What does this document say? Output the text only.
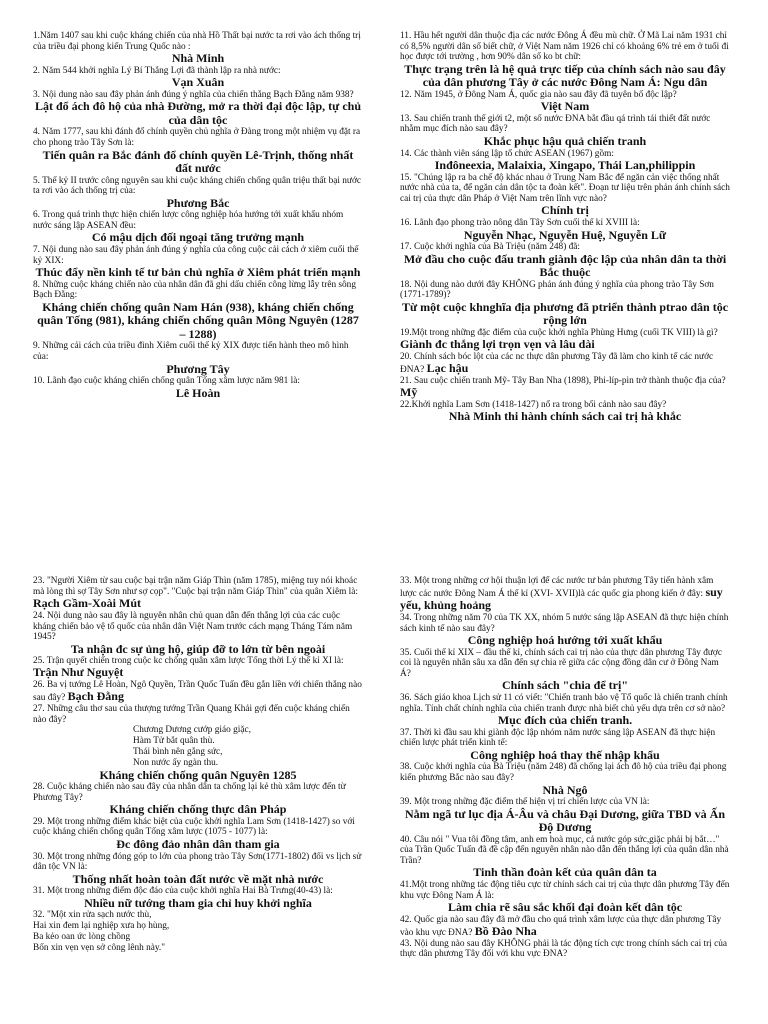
1.Năm 1407 sau khi cuộc kháng chiến của nhà Hồ Thất bại nước ta rơi vào ách thống trị của triều đại phong kiến Trung Quốc nào :

Nhà Minh

2. Năm 544 khởi nghĩa Lý Bí Thắng Lợi đã thành lập ra nhà nước:

Vạn Xuân

3. Nội dung nào sau đây phản ánh đúng ý nghĩa của chiến thắng Bạch Đằng năm 938?

Lật đổ ách đô hộ của nhà Đường, mở ra thời đại độc lập, tự chủ của dân tộc

4. Năm 1777, sau khi đánh đổ chính quyền chủ nghĩa ở Đàng trong một nhiệm vụ đặt ra cho phong trào Tây Sơn là:

Tiến quân ra Bắc đánh đổ chính quyền Lê-Trịnh, thống nhất đất nước

5. Thế kỷ II trước công nguyên sau khi cuộc kháng chiến chống quân triệu thất bại nước ta rơi vào ách thống trị của:

Phương Bắc

6. Trong quá trình thực hiện chiến lược công nghiệp hóa hướng tới xuất khẩu nhóm nước sáng lập ASEAN đều:

Có mậu dịch đối ngoại tăng trưởng mạnh

7. Nội dung nào sau đây phản ánh đúng ý nghĩa của công cuộc cải cách ở xiêm cuối thế kỷ XIX:

Thúc đẩy nền kinh tế tư bản chủ nghĩa ở Xiêm phát triển mạnh

8. Những cuộc kháng chiến nào của nhân dân đã ghi dấu chiến công lừng lẫy trên sông Bạch Đằng:

Kháng chiến chống quân Nam Hán (938), kháng chiến chống quân Tống (981), kháng chiến chống quân Mông Nguyên (1287 – 1288)

9. Những cải cách của triều đình Xiêm cuối thế kỷ XIX được tiến hành theo mô hình của:

Phương Tây

10. Lãnh đạo cuộc kháng chiến chống quân Tống xâm lược năm 981 là:

Lê Hoàn

11. Hầu hết người dân thuộc địa các nước Đông Á đều mù chữ. Ở Mã Lai năm 1931 chỉ có 8,5% người dân số biết chữ, ở Việt Nam năm 1926 chỉ có khoảng 6% trẻ em ở tuổi đi học được tới trường , hơn 90% dân số ko bt chữ:

Thực trạng trên là hệ quả trực tiếp của chính sách nào sau đây của dân phương Tây ở các nước Đông Nam Á: Ngu dân

12. Năm 1945, ở Đông Nam Á, quốc gia nào sau đây đã tuyên bố độc lập?

Việt Nam

13. Sau chiến tranh thế giới t2, một số nước ĐNA bắt đầu qá trình tái thiết đất nước nhằm mục đích nào sau đây?

Khắc phục hậu quả chiến tranh

14. Các thành viên sáng lập tổ chức ASEAN (1967) gồm:

Inđôneexia, Malaixia, Xingapo, Thái Lan,philippin

15. "Chúng lập ra ba chế độ khác nhau ở Trung Nam Bắc để ngăn cản việc thống nhất nước nhà của ta, để ngăn cản dân tộc ta đoàn kết". Đoạn tư liệu trên phản ánh chính sách cai trị của thực dân Pháp ở Việt Nam trên lĩnh vực nào?

Chính trị

16. Lãnh đạo phong trào nông dân Tây Sơn cuối thế kỉ XVIII là:

Nguyễn Nhạc, Nguyễn Huệ, Nguyễn Lữ

17. Cuộc khởi nghĩa của Bà Triệu (năm 248) đã:

Mở đầu cho cuộc đấu tranh giành độc lập của nhân dân ta thời Bắc thuộc

18. Nội dung nào dưới đây KHÔNG phản ánh đúng ý nghĩa của phong trào Tây Sơn (1771-1789)?

Từ một cuộc khnghĩa địa phương đã ptriển thành ptrao dân tộc rộng lớn

19.Một trong những đặc điểm của cuộc khởi nghĩa Phùng Hưng (cuối TK VIII) là gì? Giành đc thắng lợi trọn vẹn và lâu dài

20. Chính sách bóc lột của các nc thực dân phương Tây đã làm cho kinh tế các nước ĐNA? Lạc hậu

21. Sau cuộc chiến tranh Mỹ- Tây Ban Nha (1898), Phi-líp-pin trở thành thuộc địa của? Mỹ

22.Khởi nghĩa Lam Sơn (1418-1427) nổ ra trong bối cảnh nào sau đây?

Nhà Minh thi hành chính sách cai trị hà khắc

23. "Người Xiêm từ sau cuộc bại trận năm Giáp Thìn (năm 1785), miệng tuy nói khoác mà lòng thì sợ Tây Sơn như sợ cọp". "Cuộc bại trận năm Giáp Thìn" của quân Xiêm là: Rạch Gầm-Xoài Mút

24. Nội dung nào sau đây là nguyên nhân chủ quan dẫn đến thắng lợi của các cuộc kháng chiến bảo vệ tổ quốc của nhân dân Việt Nam trước cách mạng Tháng Tám năm 1945?

Ta nhận đc sự ủng hộ, giúp đỡ to lớn từ bên ngoài

25. Trận quyết chiến trong cuộc kc chống quân xâm lược Tống thời Lý thế kỉ XI là: Trận Như Nguyệt

26. Ba vị tướng Lê Hoàn, Ngô Quyền, Trần Quốc Tuấn đều gắn liền với chiến thắng nào sau đây? Bạch Đằng

27. Những câu thơ sau của thượng tướng Trần Quang Khải gợi đến cuộc kháng chiến nào đây?

Chương Dương cướp giáo giặc,

Hàm Tử bắt quân thù.

Thái bình nên gắng sức,

Non nước ấy ngàn thu.

Kháng chiến chống quân Nguyên 1285

28. Cuộc kháng chiến nào sau đây của nhân dân ta chống lại kẻ thù xâm lược đến từ Phương Tây?

Kháng chiến chống thực dân Pháp

29. Một trong những điểm khác biệt của cuộc khởi nghĩa Lam Sơn (1418-1427) so với cuộc kháng chiến chống quân Tống xâm lược (1075 - 1077) là:

Đc đông đảo nhân dân tham gia

30. Một trong những đóng góp to lớn của phong trào Tây Sơn(1771-1802) đối vs lịch sử dân tộc VN là:

Thống nhất hoàn toàn đất nước về mặt nhà nước

31. Một trong những điểm độc đáo của cuộc khởi nghĩa Hai Bà Trưng(40-43) là:

Nhiều nữ tướng tham gia chỉ huy khởi nghĩa

32. "Một xin rửa sạch nước thù,

Hai xin đem lại nghiệp xưa họ hùng,

Ba kẻo oan ức lòng chồng

Bốn xin vẹn vẹn sở công lênh này."

33. Một trong những cơ hội thuận lợi để các nước tư bản phương Tây tiến hành xâm lược các nước Đông Nam Á thế kỉ (XVI- XVII)là các quốc gia phong kiến ở đây: suy yếu, khủng hoảng

34. Trong những năm 70 của TK XX, nhóm 5 nước sáng lập ASEAN đã thực hiện chính sách kinh tế nào sau đây?

Công nghiệp hoá hướng tới xuất khẩu

35. Cuối thế kỉ XIX – đầu thế kỉ, chính sách cai trị nào của thực dân phương Tây được coi là nguyên nhân sâu xa dẫn đến sự chia rẽ giữa các cộng đồng dân cư ở Đông Nam Á?

Chính sách "chia để trị"

36. Sách giáo khoa Lịch sử 11 có viết: "Chiến tranh bảo vệ Tổ quốc là chiến tranh chính nghĩa. Tính chất chính nghĩa của chiến tranh được nhà biết chủ yếu dựa trên cơ sở nào?

Mục đích của chiến tranh.

37. Thời kì đầu sau khi giành độc lập nhóm năm nước sáng lập ASEAN đã thực hiện chiến lược phát triển kinh tế:

Công nghiệp hoá thay thế nhập khẩu

38. Cuộc khởi nghĩa của Bà Triệu (năm 248) đã chống lại ách đô hộ của triều đại phong kiến phương Bắc nào sau đây?

Nhà Ngô

39. Một trong những đặc điểm thế hiện vị trí chiến lược của VN là:

Nằm ngã tư lục địa Á-Âu và châu Đại Dương, giữa TBD và Ấn Độ Dương

40. Câu nói " Vua tôi đồng tâm, anh em hoà mục, cả nước góp sức,giặc phải bị bắt…" của Trần Quốc Tuấn đã đề cập đến nguyên nhân nào dẫn đến thắng lợi của quân dân nhà Trần?

Tinh thần đoàn kết của quân dân ta

41.Một trong những tác động tiêu cực từ chính sách cai trị của thực dân phương Tây đến khu vực Đông Nam Á là:

Làm chia rẽ sâu sắc khối đại đoàn kết dân tộc

42. Quốc gia nào sau đây đã mở đầu cho quá trình xâm lược của thực dân phương Tây vào khu vực ĐNA? Bồ Đào Nha

43. Nội dung nào sau đây KHÔNG phải là tác động tích cực trong chính sách cai trị của thực dân phương Tây đối với khu vực ĐNA?
